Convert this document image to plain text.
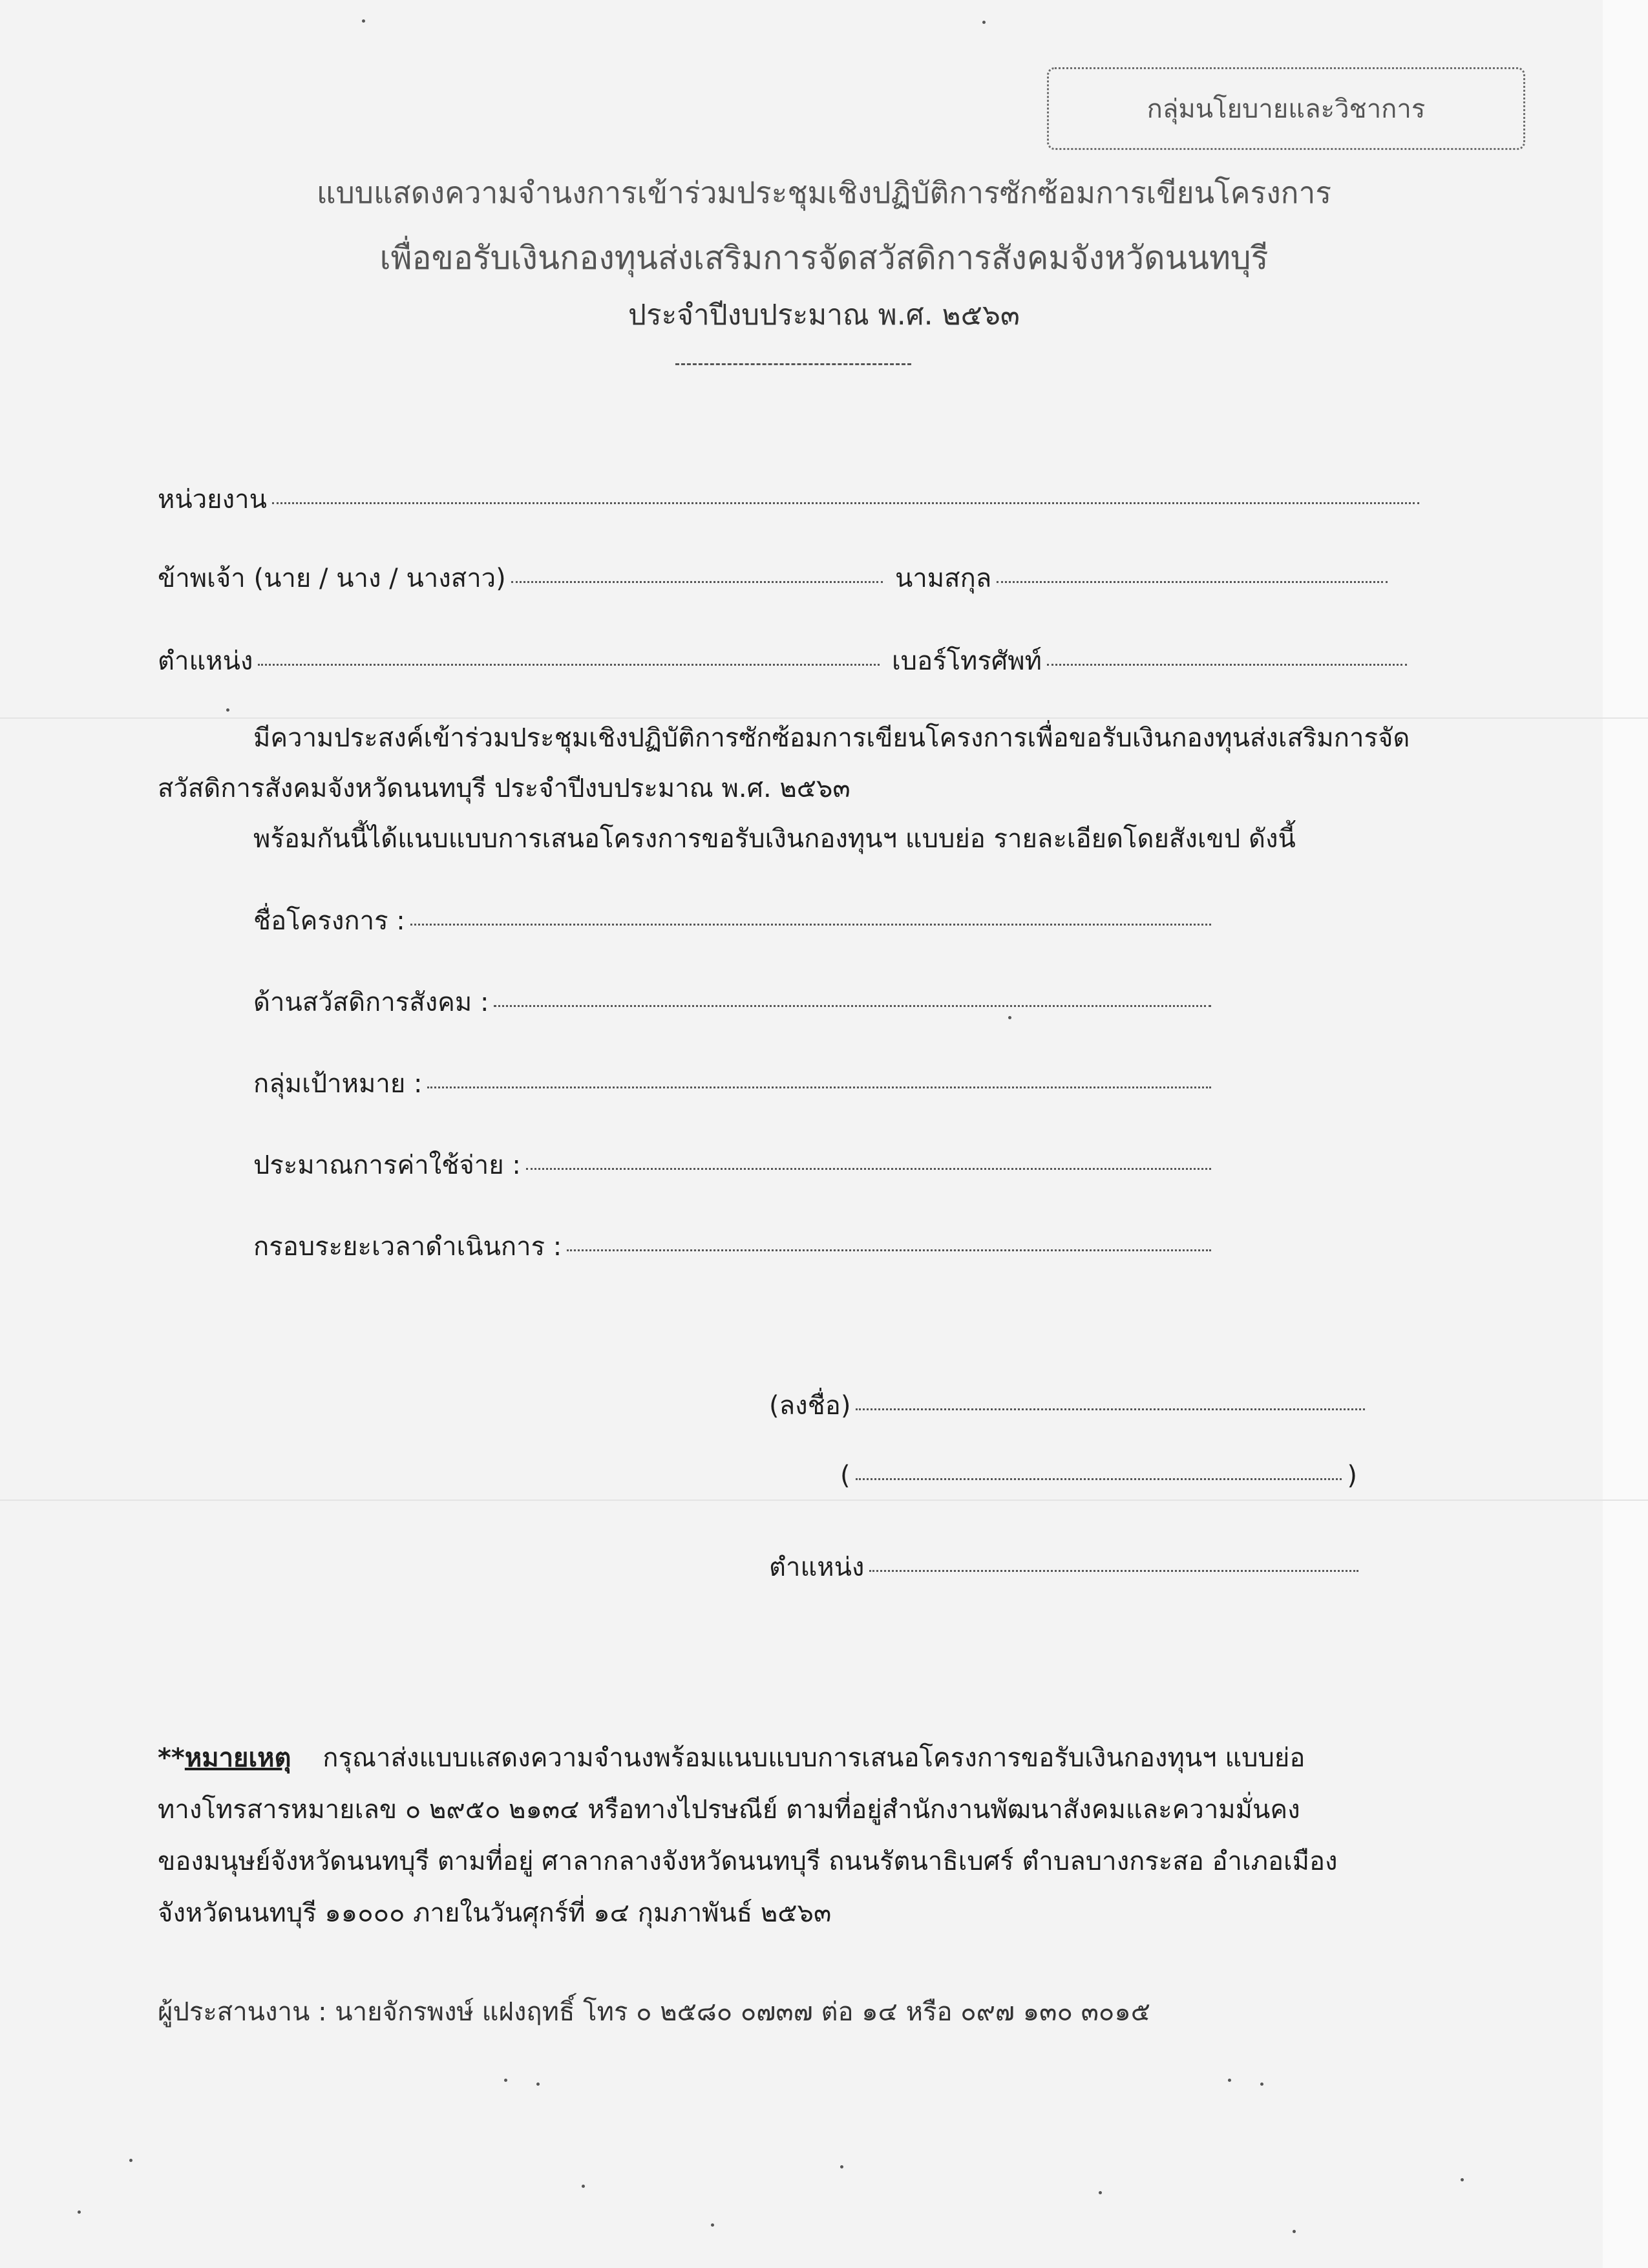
กลุ่มนโยบายและวิชาการ
แบบแสดงความจำนงการเข้าร่วมประชุมเชิงปฏิบัติการซักซ้อมการเขียนโครงการ
เพื่อขอรับเงินกองทุนส่งเสริมการจัดสวัสดิการสังคมจังหวัดนนทบุรี
ประจำปีงบประมาณ พ.ศ. ๒๕๖๓
หน่วยงาน
ข้าพเจ้า (นาย / นาง / นางสาว)	นามสกุล
ตำแหน่ง	เบอร์โทรศัพท์
มีความประสงค์เข้าร่วมประชุมเชิงปฏิบัติการซักซ้อมการเขียนโครงการเพื่อขอรับเงินกองทุนส่งเสริมการจัด
สวัสดิการสังคมจังหวัดนนทบุรี ประจำปีงบประมาณ พ.ศ. ๒๕๖๓
พร้อมกันนี้ได้แนบแบบการเสนอโครงการขอรับเงินกองทุนฯ แบบย่อ รายละเอียดโดยสังเขป ดังนี้
ชื่อโครงการ :
ด้านสวัสดิการสังคม :
กลุ่มเป้าหมาย :
ประมาณการค่าใช้จ่าย :
กรอบระยะเวลาดำเนินการ :
(ลงชื่อ)
(	)
ตำแหน่ง
**หมายเหตุ กรุณาส่งแบบแสดงความจำนงพร้อมแนบแบบการเสนอโครงการขอรับเงินกองทุนฯ แบบย่อ
ทางโทรสารหมายเลข ๐ ๒๙๕๐ ๒๑๓๔ หรือทางไปรษณีย์ ตามที่อยู่สำนักงานพัฒนาสังคมและความมั่นคง
ของมนุษย์จังหวัดนนทบุรี ตามที่อยู่ ศาลากลางจังหวัดนนทบุรี ถนนรัตนาธิเบศร์ ตำบลบางกระสอ อำเภอเมือง
จังหวัดนนทบุรี ๑๑๐๐๐ ภายในวันศุกร์ที่ ๑๔ กุมภาพันธ์ ๒๕๖๓
ผู้ประสานงาน : นายจักรพงษ์ แฝงฤทธิ์ โทร ๐ ๒๕๘๐ ๐๗๓๗ ต่อ ๑๔ หรือ ๐๙๗ ๑๓๐ ๓๐๑๕
